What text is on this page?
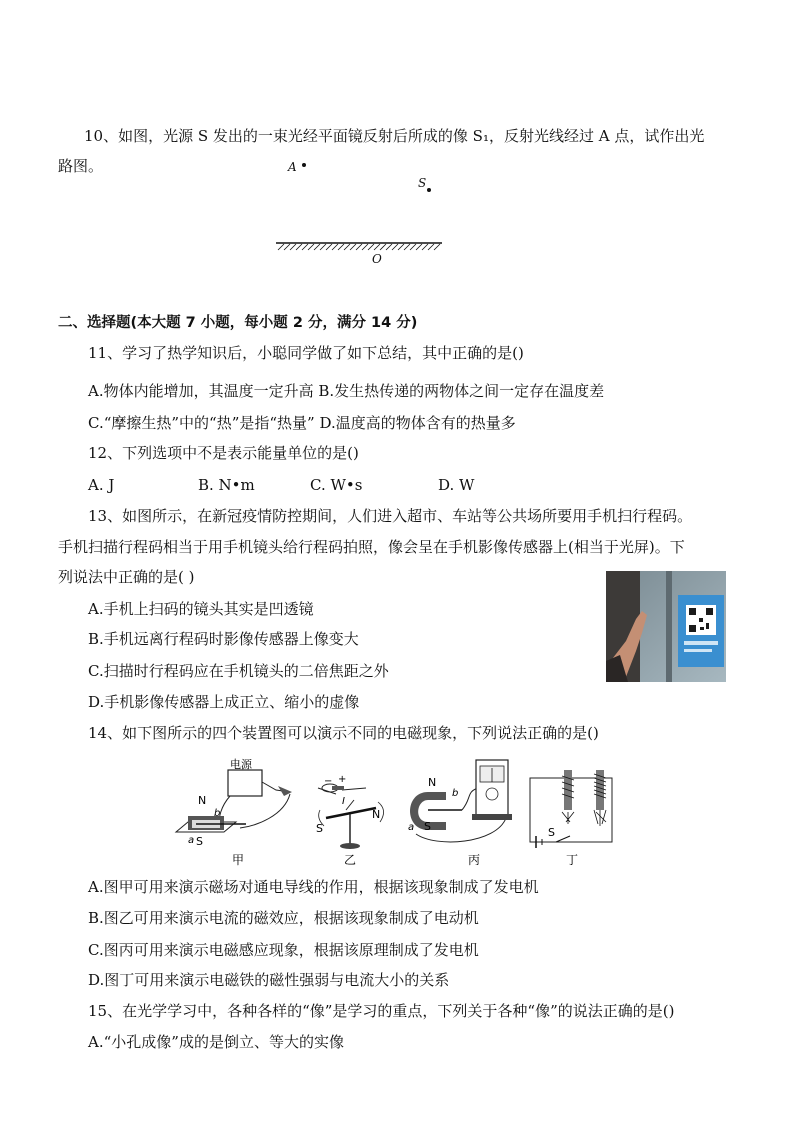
10、如图，光源 S 发出的一束光经平面镜反射后所成的像 S₁，反射光线经过 A 点，试作出光
路图。	A
S
O
二、选择题(本大题 7 小题，每小题 2 分，满分 14 分)
11、学习了热学知识后，小聪同学做了如下总结，其中正确的是()
A.物体内能增加，其温度一定升高 B.发生热传递的两物体之间一定存在温度差
C.“摩擦生热”中的“热”是指“热量” D.温度高的物体含有的热量多
12、下列选项中不是表示能量单位的是()
A. J	B. N•m	C. W•s	D. W
13、如图所示，在新冠疫情防控期间，人们进入超市、车站等公共场所要用手机扫行程码。
手机扫描行程码相当于用手机镜头给行程码拍照，像会呈在手机影像传感器上(相当于光屏)。下
列说法中正确的是( )
A.手机上扫码的镜头其实是凹透镜
B.手机远离行程码时影像传感器上像变大
C.扫描时行程码应在手机镜头的二倍焦距之外
D.手机影像传感器上成正立、缩小的虚像
14、如下图所示的四个装置图可以演示不同的电磁现象，下列说法正确的是()
电源
N
b
a S
甲
− +
I
S
N
乙
N
b
a S
丙
S
丁
A.图甲可用来演示磁场对通电导线的作用，根据该现象制成了发电机
B.图乙可用来演示电流的磁效应，根据该现象制成了电动机
C.图丙可用来演示电磁感应现象，根据该原理制成了发电机
D.图丁可用来演示电磁铁的磁性强弱与电流大小的关系
15、在光学学习中，各种各样的“像”是学习的重点，下列关于各种“像”的说法正确的是()
A.“小孔成像”成的是倒立、等大的实像
